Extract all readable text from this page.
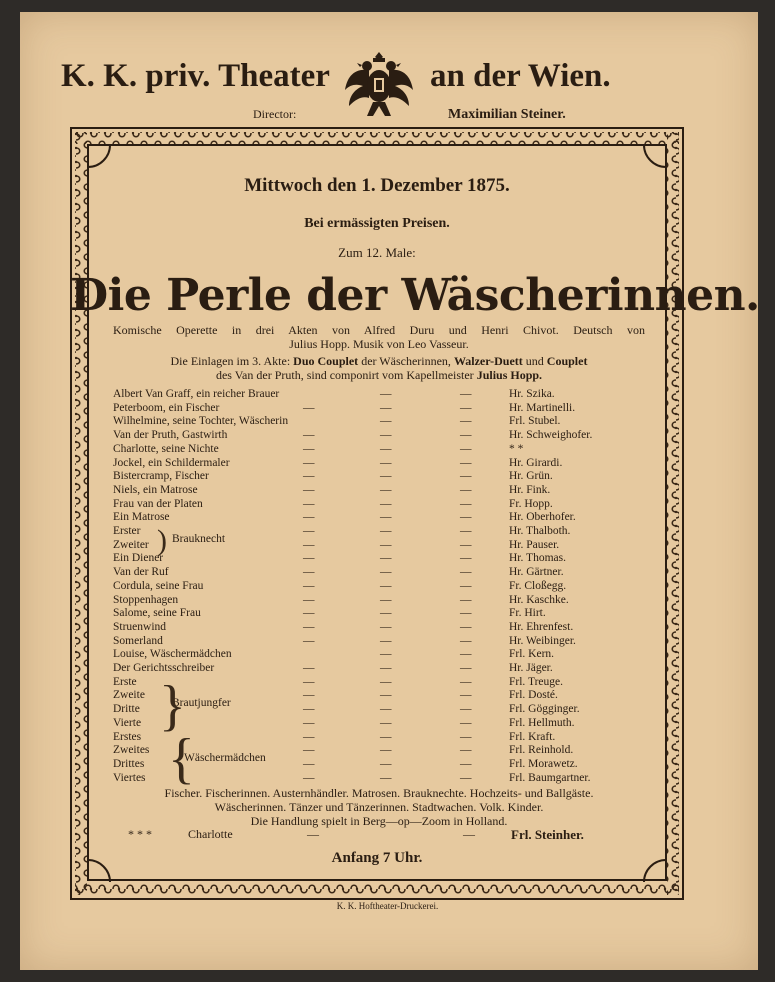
K. K. priv. Theater	an der Wien.
Director:	Maximilian Steiner.
Mittwoch den 1. Dezember 1875.
Bei ermässigten Preisen.
Zum 12. Male:
Die Perle der Wäscherinnen.
Komische Operette in drei Akten von Alfred Duru und Henri Chivot. Deutsch von
Julius Hopp. Musik von Leo Vasseur.
Die Einlagen im 3. Akte: Duo Couplet der Wäscherinnen, Walzer-Duett und Couplet
des Van der Pruth, sind componirt vom Kapellmeister Julius Hopp.
Albert Van Graff, ein reicher Brauer	—	—	Hr. Szika.
Peterboom, ein Fischer	—	—	—	Hr. Martinelli.
Wilhelmine, seine Tochter, Wäscherin	—	—	Frl. Stubel.
Van der Pruth, Gastwirth	—	—	—	Hr. Schweighofer.
Charlotte, seine Nichte	—	—	—	* *
Jockel, ein Schildermaler	—	—	—	Hr. Girardi.
Bistercramp, Fischer	—	—	—	Hr. Grün.
Niels, ein Matrose	—	—	—	Hr. Fink.
Frau van der Platen	—	—	—	Fr. Hopp.
Ein Matrose	—	—	—	Hr. Oberhofer.
Erster	—	—	—	Hr. Thalboth.
Zweiter	—	—	—	Hr. Pauser.
Ein Diener	—	—	—	Hr. Thomas.
Van der Ruf	—	—	—	Hr. Gärtner.
Cordula, seine Frau	—	—	—	Fr. Cloßegg.
Stoppenhagen	—	—	—	Hr. Kaschke.
Salome, seine Frau	—	—	—	Fr. Hirt.
Struenwind	—	—	—	Hr. Ehrenfest.
Somerland	—	—	—	Hr. Weibinger.
Louise, Wäschermädchen	—	—	Frl. Kern.
Der Gerichtsschreiber	—	—	—	Hr. Jäger.
Erste	—	—	—	Frl. Treuge.
Zweite	—	—	—	Frl. Dosté.
Dritte	—	—	—	Frl. Gögginger.
Vierte	—	—	—	Frl. Hellmuth.
Erstes	—	—	—	Frl. Kraft.
Zweites	—	—	—	Frl. Reinhold.
Drittes	—	—	—	Frl. Morawetz.
Viertes	—	—	—	Frl. Baumgartner.
Brauknecht
)
Brautjungfer
}
Wäschermädchen
{
Fischer. Fischerinnen. Austernhändler. Matrosen. Brauknechte. Hochzeits- und Ballgäste.
Wäscherinnen. Tänzer und Tänzerinnen. Stadtwachen. Volk. Kinder.
Die Handlung spielt in Berg—op—Zoom in Holland.
* * *	Charlotte	—	—	Frl. Steinher.
Anfang 7 Uhr.
K. K. Hoftheater-Druckerei.
